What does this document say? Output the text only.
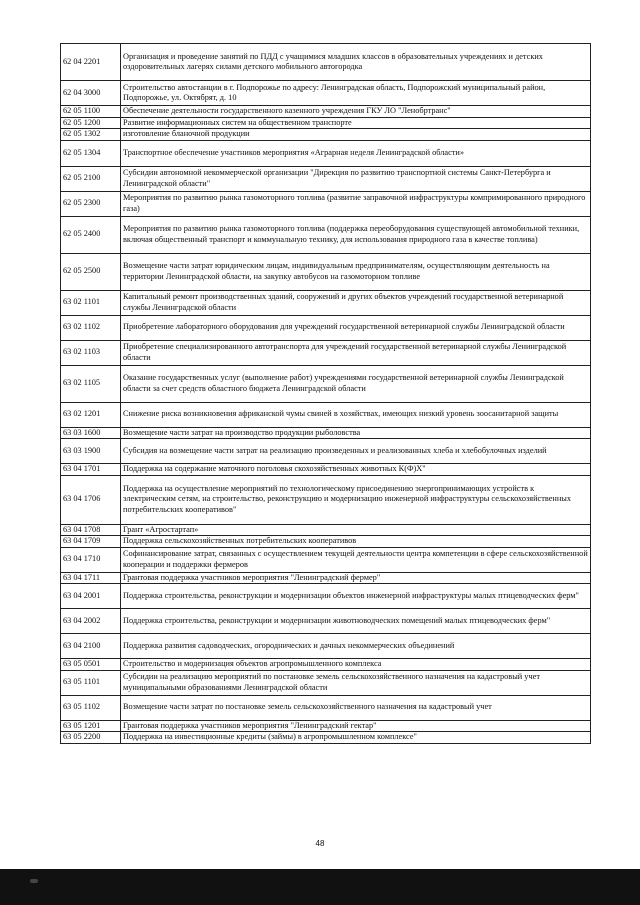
62 04 2201	Организация и проведение занятий по ПДД с учащимися младших классов в образовательных учреждениях и детских оздоровительных лагерях силами детского мобильного автогородка
62 04 3000	Строительство автостанции в г. Подпорожье по адресу: Ленинградская область, Подпорожский муниципальный район, Подпорожье, ул. Октябрят, д. 10
62 05 1100	Обеспечение деятельности государственного казенного учреждения ГКУ ЛО "Ленобртранс"
62 05 1200	Развитие информационных систем на общественном транспорте
62 05 1302	изготовление бланочной продукции
62 05 1304	Транспортное обеспечение участников мероприятия «Аграрная неделя Ленинградской области»
62 05 2100	Субсидии автономной некоммерческой организации "Дирекция по развитию транспортной системы Санкт-Петербурга и Ленинградской области"
62 05 2300	Мероприятия по развитию рынка газомоторного топлива (развитие заправочной инфраструктуры компримированного природного газа)
62 05 2400	Мероприятия по развитию рынка газомоторного топлива (поддержка переоборудования существующей автомобильной техники, включая общественный транспорт и коммунальную технику, для использования природного газа в качестве топлива)
62 05 2500	Возмещение части затрат юридическим лицам, индивидуальным предпринимателям, осуществляющим деятельность на территории Ленинградской области, на закупку автобусов на газомоторном топливе
63 02 1101	Капитальный ремонт производственных зданий, сооружений и других объектов учреждений государственной ветеринарной службы Ленинградской области
63 02 1102	Приобретение лабораторного оборудования для учреждений государственной ветеринарной службы Ленинградской области
63 02 1103	Приобретение специализированного автотранспорта для учреждений государственной ветеринарной службы Ленинградской области
63 02 1105	Оказание государственных услуг (выполнение работ) учреждениями государственной ветеринарной службы Ленинградской области за счет средств областного бюджета Ленинградской области
63 02 1201	Снижение риска возникновения африканской чумы свиней в хозяйствах, имеющих низкий уровень зоосанитарной защиты
63 03 1600	Возмещение части затрат на производство продукции рыболовства
63 03 1900	Субсидия на возмещение части затрат на реализацию произведенных и реализованных хлеба и хлебобулочных изделий
63 04 1701	Поддержка на содержание маточного поголовья скохозяйственных животных К(Ф)Х"
63 04 1706	Поддержка на осуществление мероприятий по технологическому присоединению энергопринимающих устройств к электрическим сетям, на строительство, реконструкцию и модернизацию инженерной инфраструктуры сельскохозяйственных потребительских кооперативов"
63 04 1708	Грант «Агростартап»
63 04 1709	Поддержка сельскохозяйственных потребительских кооперативов
63 04 1710	Софинансирование затрат, связанных с осуществлением текущей деятельности центра компетенции в сфере сельскохозяйственной кооперации и поддержки фермеров
63 04 1711	Грантовая поддержка участников мероприятия "Ленинградский фермер"
63 04 2001	Поддержка строительства, реконструкции и модернизации объектов инженерной инфраструктуры малых птицеводческих ферм"
63 04 2002	Поддержка строительства, реконструкции и модернизации животноводческих помещений малых птицеводческих ферм"
63 04 2100	Поддержка развития садоводческих, огороднических и дачных некоммерческих объединений
63 05 0501	Строительство и модернизация объектов агропромышленного комплекса
63 05 1101	Субсидии на реализацию мероприятий по постановке земель сельскохозяйственного назначения на кадастровый учет муниципальными образованиями Ленинградской области
63 05 1102	Возмещение части затрат по постановке земель сельскохозяйственного назначения на кадастровый учет
63 05 1201	Грантовая поддержка участников мероприятия "Ленинградский гектар"
63 05 2200	Поддержка на инвестиционные кредиты (займы) в агропромышленном комплексе"
48
